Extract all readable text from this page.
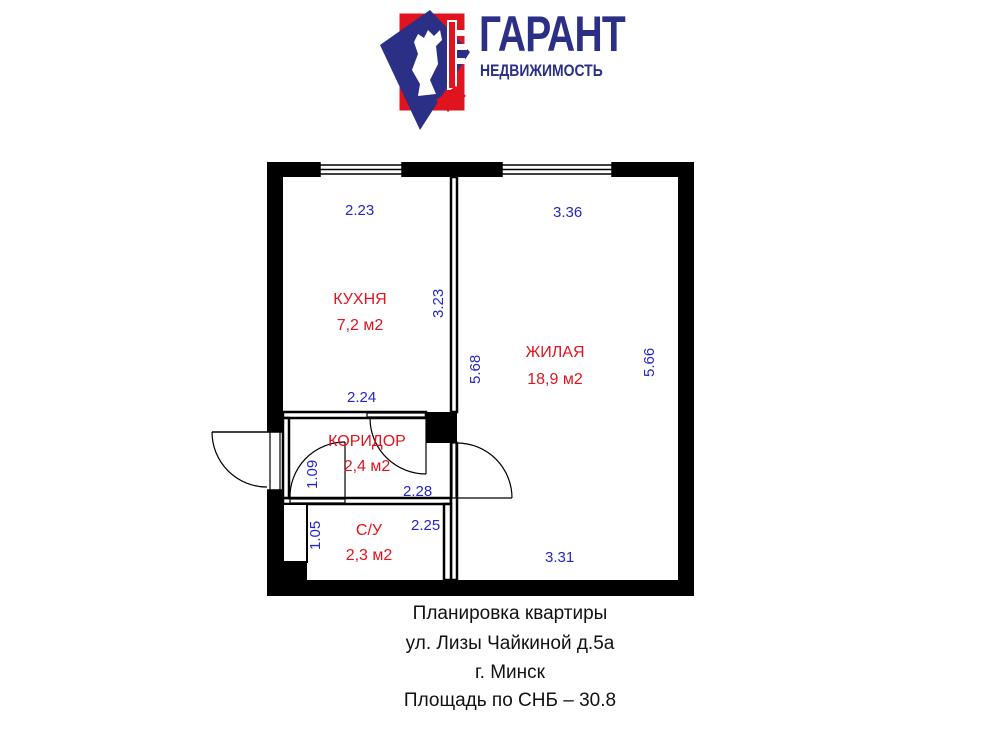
ГАРАНТ
НЕДВИЖИМОСТЬ
2.23
3.23
2.24
3.36
5.68	5.66
3.31
1.09
2.28
1.05	2.25
КУХНЯ
7,2 м2
ЖИЛАЯ
18,9 м2
КОРИДОР
2,4 м2
С/У
2,3 м2
Планировка квартиры
ул. Лизы Чайкиной д.5а
г. Минск
Площадь по СНБ – 30.8
